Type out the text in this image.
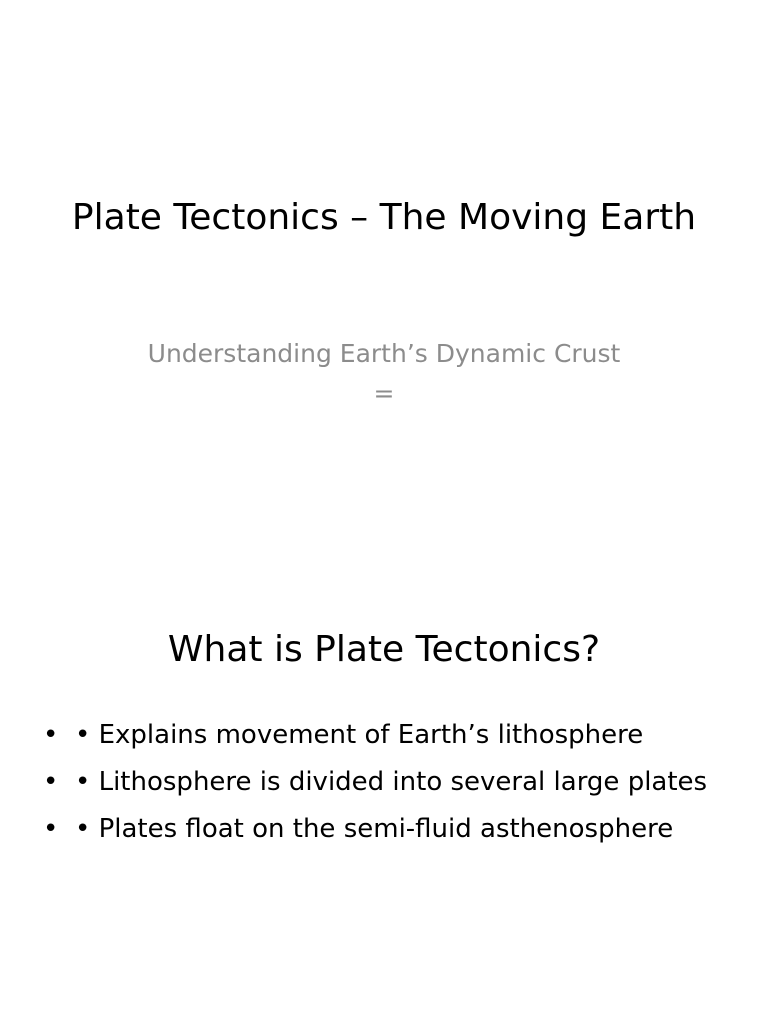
Plate Tectonics – The Moving Earth

Understanding Earth’s Dynamic Crust
=

What is Plate Tectonics?
• • Explains movement of Earth’s lithosphere
• • Lithosphere is divided into several large plates
• • Plates float on the semi-fluid asthenosphere
